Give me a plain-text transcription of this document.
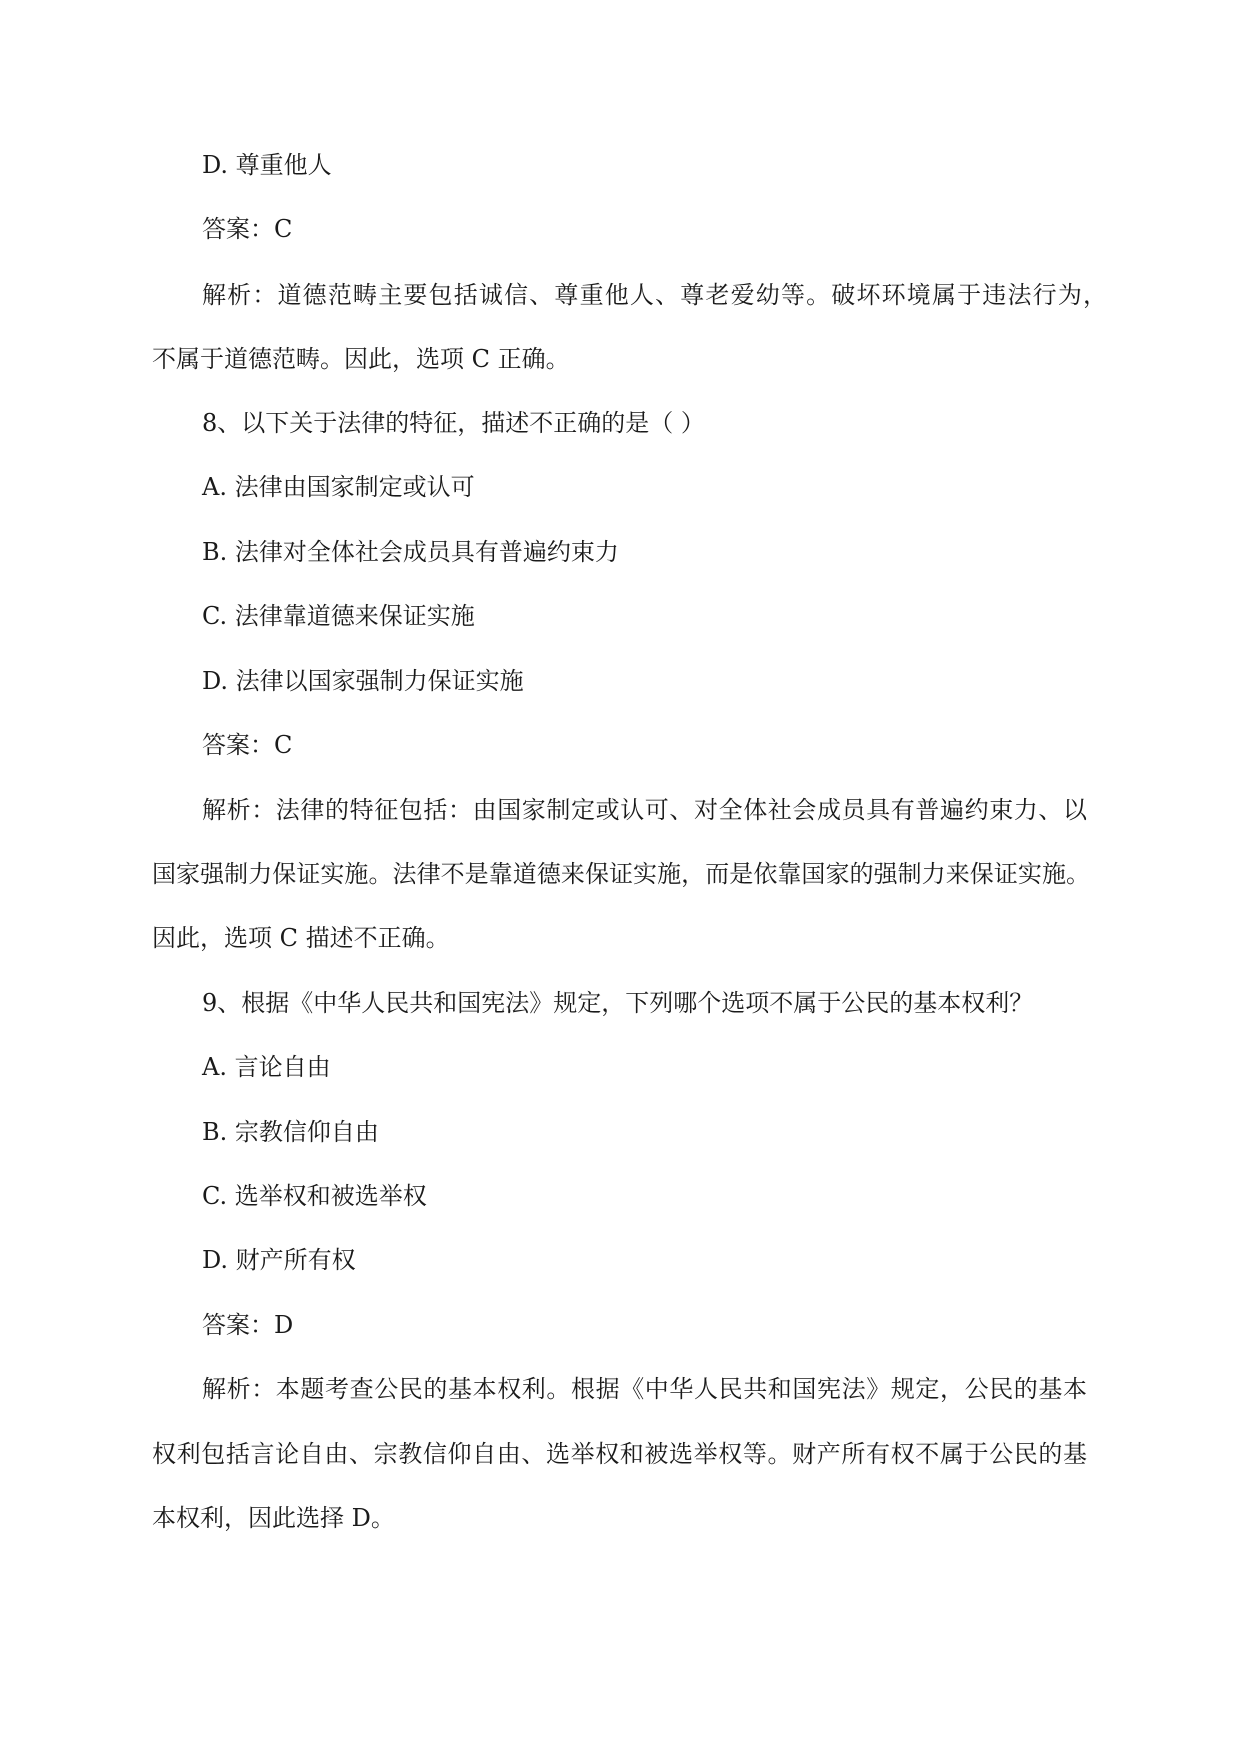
D. 尊重他人
答案：C
解析：道德范畴主要包括诚信、尊重他人、尊老爱幼等。破坏环境属于违法行为，
不属于道德范畴。因此，选项 C 正确。
8、以下关于法律的特征，描述不正确的是（ ）
A. 法律由国家制定或认可
B. 法律对全体社会成员具有普遍约束力
C. 法律靠道德来保证实施
D. 法律以国家强制力保证实施
答案：C
解析：法律的特征包括：由国家制定或认可、对全体社会成员具有普遍约束力、以
国家强制力保证实施。法律不是靠道德来保证实施，而是依靠国家的强制力来保证实施。
因此，选项 C 描述不正确。
9、根据《中华人民共和国宪法》规定，下列哪个选项不属于公民的基本权利？
A. 言论自由
B. 宗教信仰自由
C. 选举权和被选举权
D. 财产所有权
答案：D
解析：本题考查公民的基本权利。根据《中华人民共和国宪法》规定，公民的基本
权利包括言论自由、宗教信仰自由、选举权和被选举权等。财产所有权不属于公民的基
本权利，因此选择 D。
